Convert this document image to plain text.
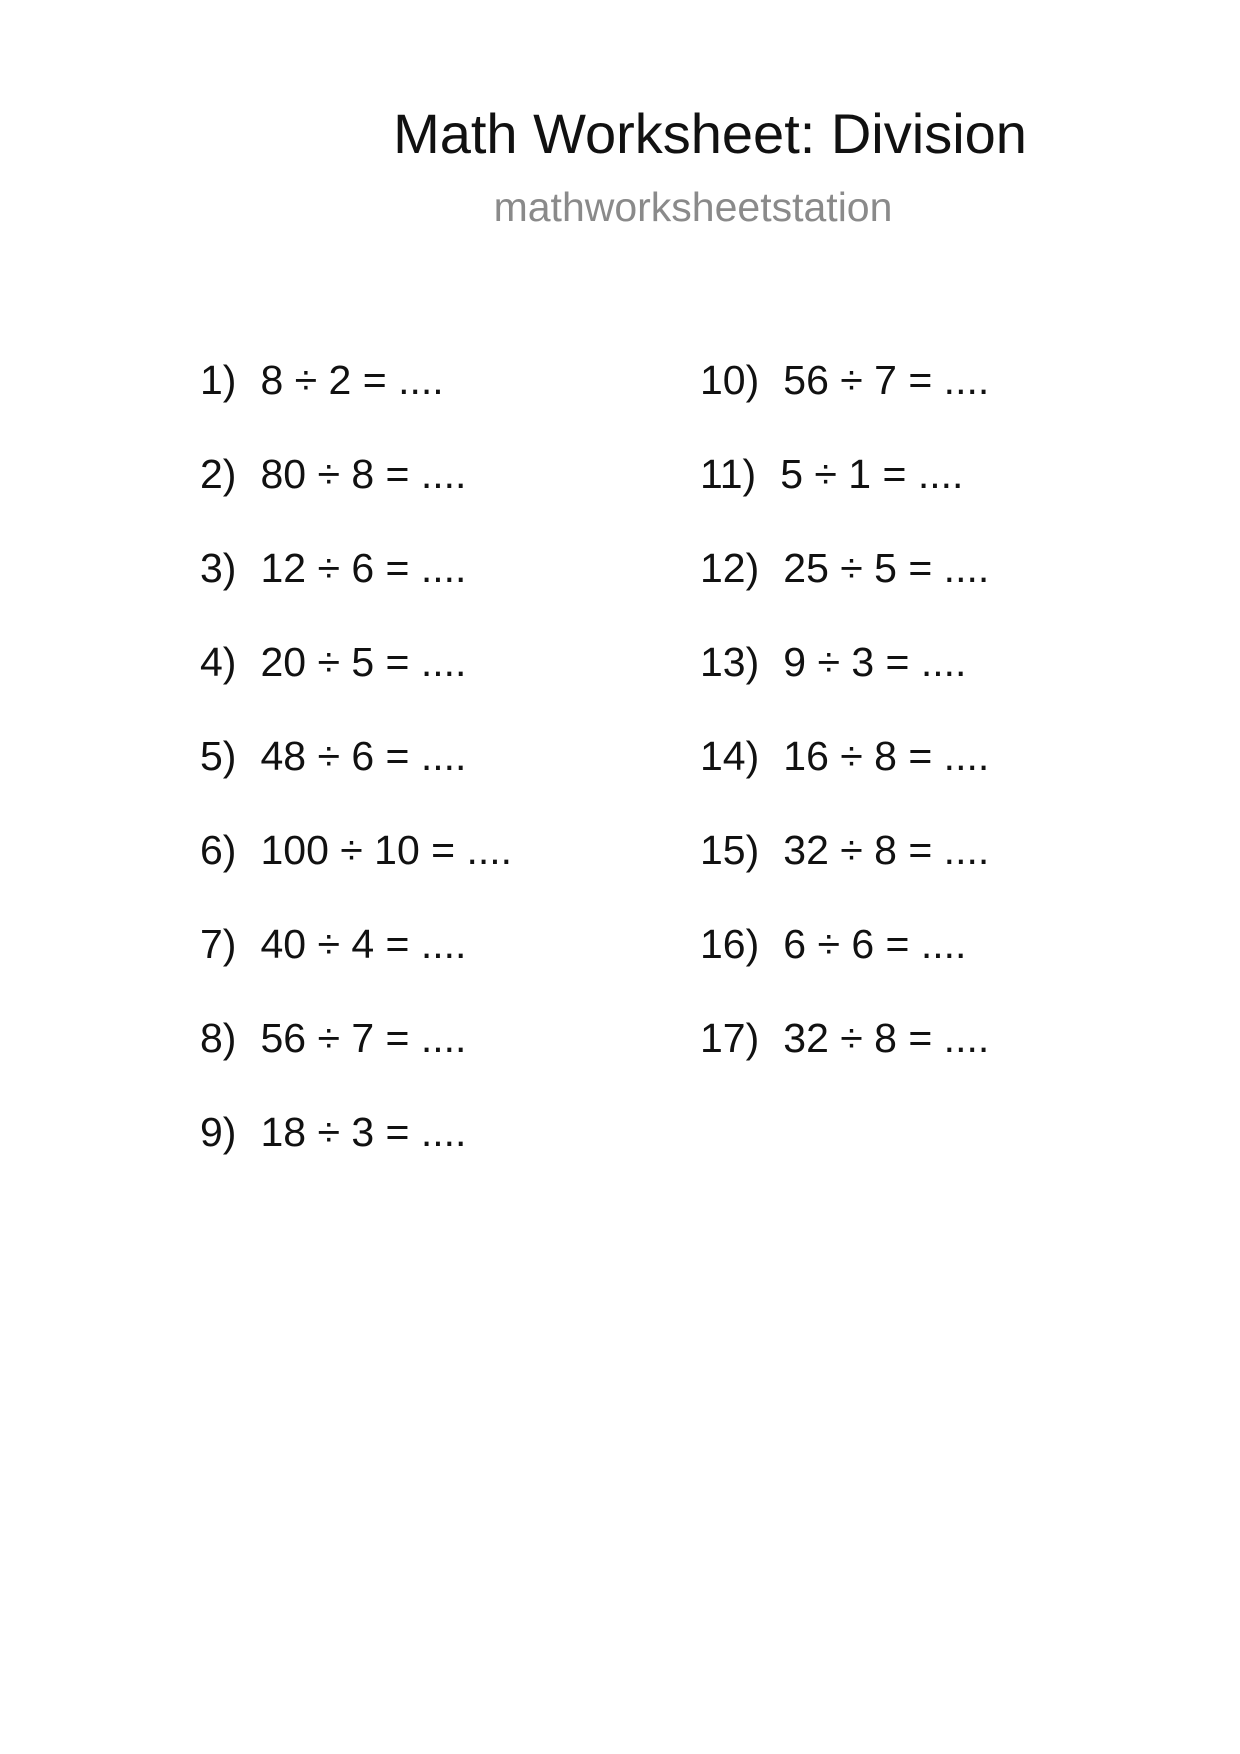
Math Worksheet: Division
mathworksheetstation
1) 8 ÷ 2 = ....
2) 80 ÷ 8 = ....
3) 12 ÷ 6 = ....
4) 20 ÷ 5 = ....
5) 48 ÷ 6 = ....
6) 100 ÷ 10 = ....
7) 40 ÷ 4 = ....
8) 56 ÷ 7 = ....
9) 18 ÷ 3 = ....
10) 56 ÷ 7 = ....
11) 5 ÷ 1 = ....
12) 25 ÷ 5 = ....
13) 9 ÷ 3 = ....
14) 16 ÷ 8 = ....
15) 32 ÷ 8 = ....
16) 6 ÷ 6 = ....
17) 32 ÷ 8 = ....
